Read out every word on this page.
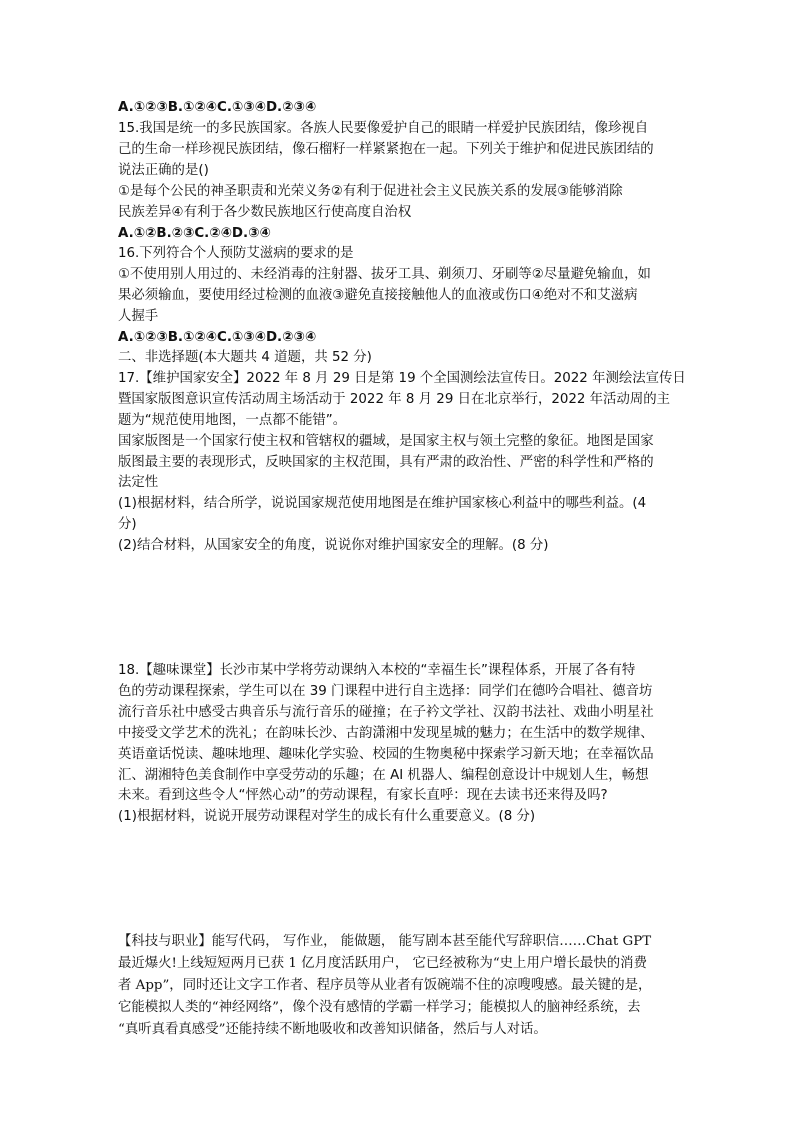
A.①②③B.①②④C.①③④D.②③④
15.我国是统一的多民族国家。各族人民要像爱护自己的眼睛一样爱护民族团结，像珍视自
己的生命一样珍视民族团结，像石榴籽一样紧紧抱在一起。下列关于维护和促进民族团结的
说法正确的是()
①是每个公民的神圣职责和光荣义务②有利于促进社会主义民族关系的发展③能够消除
民族差异④有利于各少数民族地区行使高度自治权
A.①②B.②③C.②④D.③④
16.下列符合个人预防艾滋病的要求的是
①不使用别人用过的、未经消毒的注射器、拔牙工具、剃须刀、牙刷等②尽量避免输血，如
果必须输血，要使用经过检测的血液③避免直接接触他人的血液或伤口④绝对不和艾滋病
人握手
A.①②③B.①②④C.①③④D.②③④
二、非选择题(本大题共 4 道题，共 52 分)
17.【维护国家安全】2022 年 8 月 29 日是第 19 个全国测绘法宣传日。2022 年测绘法宣传日
暨国家版图意识宣传活动周主场活动于 2022 年 8 月 29 日在北京举行，2022 年活动周的主
题为“规范使用地图，一点都不能错”。
国家版图是一个国家行使主权和管辖权的疆域，是国家主权与领土完整的象征。地图是国家
版图最主要的表现形式，反映国家的主权范围，具有严肃的政治性、严密的科学性和严格的
法定性
(1)根据材料，结合所学，说说国家规范使用地图是在维护国家核心利益中的哪些利益。(4
分)
(2)结合材料，从国家安全的角度，说说你对维护国家安全的理解。(8 分)
18.【趣味课堂】长沙市某中学将劳动课纳入本校的“幸福生长”课程体系，开展了各有特
色的劳动课程探索，学生可以在 39 门课程中进行自主选择：同学们在德吟合唱社、德音坊
流行音乐社中感受古典音乐与流行音乐的碰撞；在子衿文学社、汉韵书法社、戏曲小明星社
中接受文学艺术的洗礼；在韵味长沙、古韵潇湘中发现星城的魅力；在生活中的数学规律、
英语童话悦读、趣味地理、趣味化学实验、校园的生物奥秘中探索学习新天地；在幸福饮品
汇、湖湘特色美食制作中享受劳动的乐趣；在 AI 机器人、编程创意设计中规划人生，畅想
未来。看到这些令人“怦然心动”的劳动课程，有家长直呼：现在去读书还来得及吗?
(1)根据材料，说说开展劳动课程对学生的成长有什么重要意义。(8 分)
【科技与职业】能写代码， 写作业， 能做题， 能写剧本甚至能代写辞职信……Chat GPT
最近爆火!上线短短两月已获 1 亿月度活跃用户， 它已经被称为“史上用户增长最快的消费
者 App”，同时还让文字工作者、程序员等从业者有饭碗端不住的凉嗖嗖感。最关键的是，
它能模拟人类的“神经网络”，像个没有感情的学霸一样学习；能模拟人的脑神经系统，去
“真听真看真感受”还能持续不断地吸收和改善知识储备，然后与人对话。
